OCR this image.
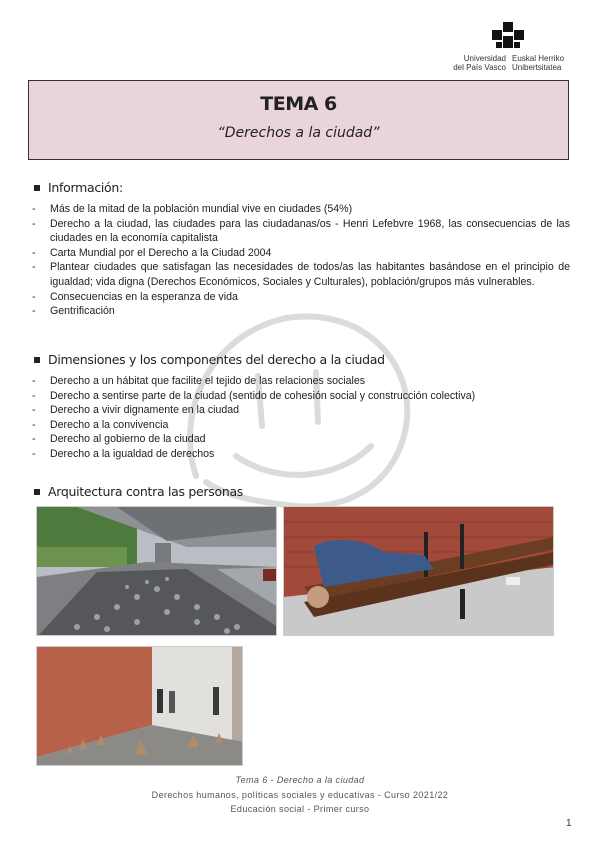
Universidad
del País Vasco
Euskal Herriko
Unibertsitatea
TEMA 6
“Derechos a la ciudad”
Información:
- Más de la mitad de la población mundial vive en ciudades (54%)
- Derecho a la ciudad, las ciudades para las ciudadanas/os - Henri Lefebvre 1968, las consecuencias de las ciudades en la economía capitalista
- Carta Mundial por el Derecho a la Ciudad 2004
- Plantear ciudades que satisfagan las necesidades de todos/as las habitantes basándose en el principio de igualdad; vida digna (Derechos Económicos, Sociales y Culturales), población/grupos más vulnerables.
- Consecuencias en la esperanza de vida
- Gentrificación
Dimensiones y los componentes del derecho a la ciudad
- Derecho a un hábitat que facilite el tejido de las relaciones sociales
- Derecho a sentirse parte de la ciudad (sentido de cohesión social y construcción colectiva)
- Derecho a vivir dignamente en la ciudad
- Derecho a la convivencia
- Derecho al gobierno de la ciudad
- Derecho a la igualdad de derechos
Arquitectura contra las personas
Tema 6 - Derecho a la ciudad
Derechos humanos, políticas sociales y educativas - Curso 2021/22
Educación social - Primer curso
1
